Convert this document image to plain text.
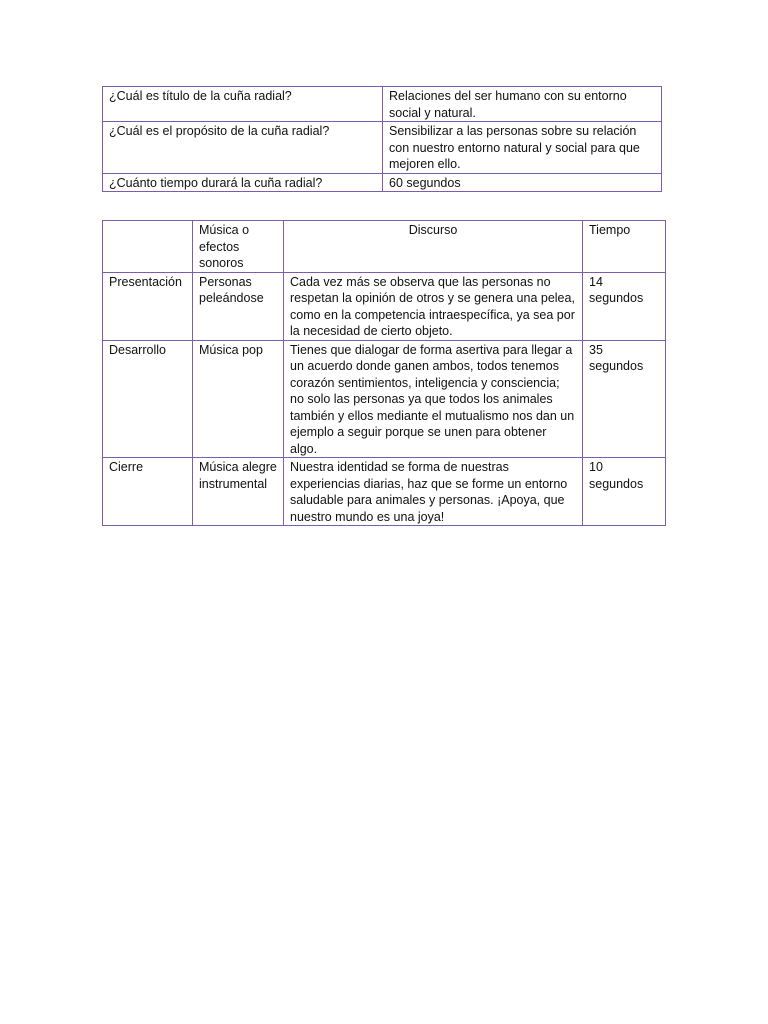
¿Cuál es título de la cuña radial?	Relaciones del ser humano con su entorno social y natural.
¿Cuál es el propósito de la cuña radial?	Sensibilizar a las personas sobre su relación con nuestro entorno natural y social para que mejoren ello.
¿Cuánto tiempo durará la cuña radial?	60 segundos
	Música o efectos sonoros	Discurso	Tiempo
Presentación	Personas peleándose	Cada vez más se observa que las personas no respetan la opinión de otros y se genera una pelea, como en la competencia intraespecífica, ya sea por la necesidad de cierto objeto.	14 segundos
Desarrollo	Música pop	Tienes que dialogar de forma asertiva para llegar a un acuerdo donde ganen ambos, todos tenemos corazón sentimientos, inteligencia y consciencia; no solo las personas ya que todos los animales también y ellos mediante el mutualismo nos dan un ejemplo a seguir porque se unen para obtener algo.	35 segundos
Cierre	Música alegre instrumental	Nuestra identidad se forma de nuestras experiencias diarias, haz que se forme un entorno saludable para animales y personas. ¡Apoya, que nuestro mundo es una joya!	10 segundos
